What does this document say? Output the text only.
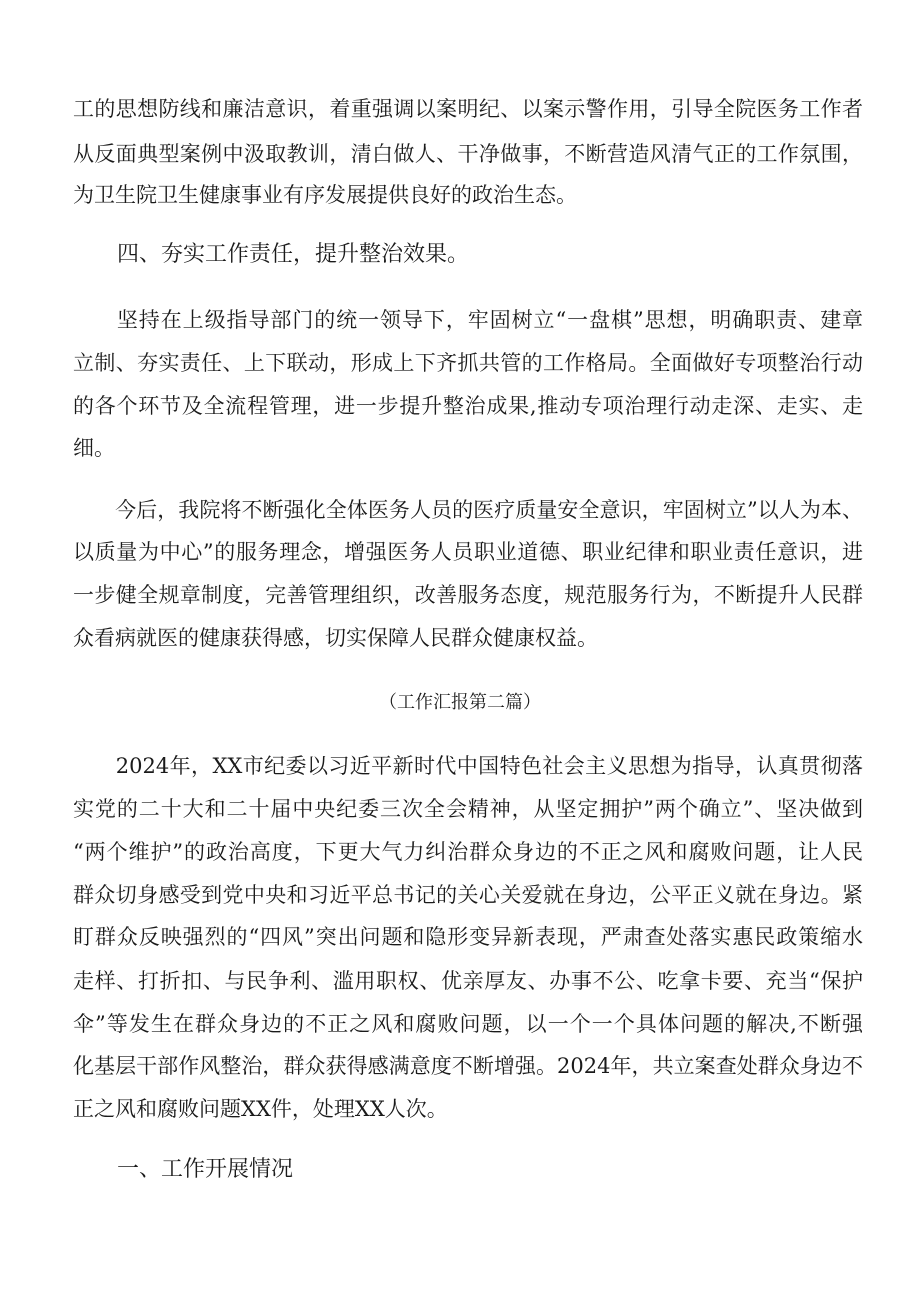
工的思想防线和廉洁意识，着重强调以案明纪、以案示警作用，引导全院医务工作者
从反面典型案例中汲取教训，清白做人、干净做事，不断营造风清气正的工作氛围，
为卫生院卫生健康事业有序发展提供良好的政治生态。
四、夯实工作责任，提升整治效果。
　　坚持在上级指导部门的统一领导下，牢固树立“一盘棋”思想，明确职责、建章
立制、夯实责任、上下联动，形成上下齐抓共管的工作格局。全面做好专项整治行动
的各个环节及全流程管理，进一步提升整治成果,推动专项治理行动走深、走实、走
细。
　　今后，我院将不断强化全体医务人员的医疗质量安全意识，牢固树立”以人为本、
以质量为中心”的服务理念，增强医务人员职业道德、职业纪律和职业责任意识，进
一步健全规章制度，完善管理组织，改善服务态度，规范服务行为，不断提升人民群
众看病就医的健康获得感，切实保障人民群众健康权益。
（工作汇报第二篇）
　　2024年，XX市纪委以习近平新时代中国特色社会主义思想为指导，认真贯彻落
实党的二十大和二十届中央纪委三次全会精神，从坚定拥护”两个确立”、坚决做到
“两个维护”的政治高度，下更大气力纠治群众身边的不正之风和腐败问题，让人民
群众切身感受到党中央和习近平总书记的关心关爱就在身边，公平正义就在身边。紧
盯群众反映强烈的“四风”突出问题和隐形变异新表现，严肃查处落实惠民政策缩水
走样、打折扣、与民争利、滥用职权、优亲厚友、办事不公、吃拿卡要、充当“保护
伞”等发生在群众身边的不正之风和腐败问题，以一个一个具体问题的解决,不断强
化基层干部作风整治，群众获得感满意度不断增强。2024年，共立案查处群众身边不
正之风和腐败问题XX件，处理XX人次。
一、工作开展情况
